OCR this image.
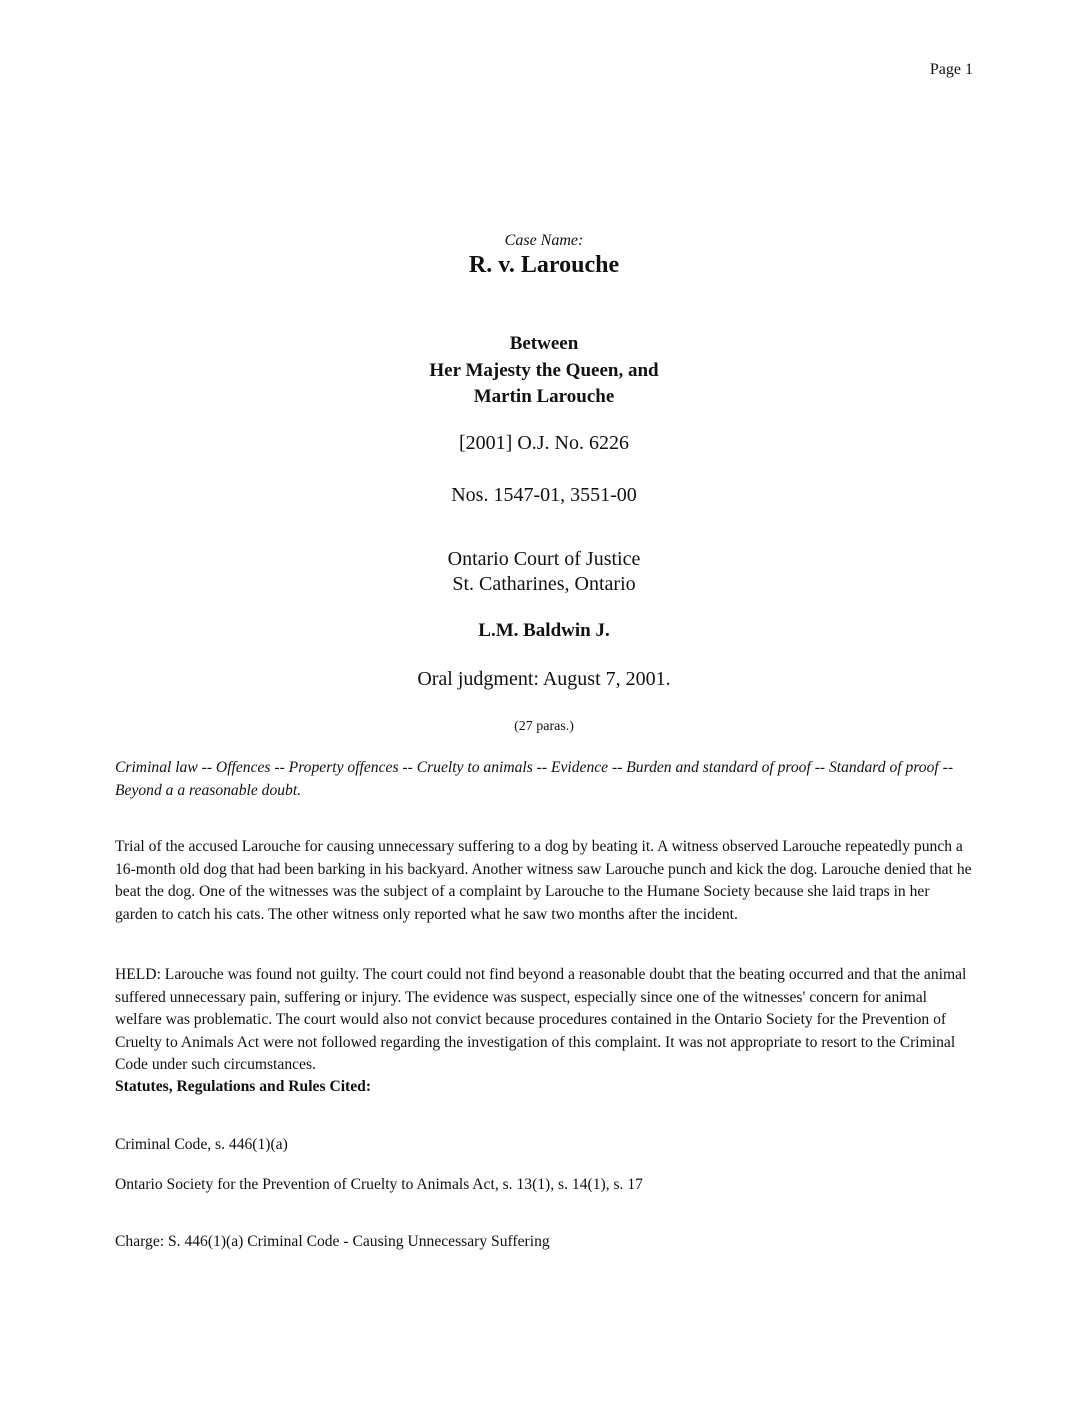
Page 1
Case Name:
R. v. Larouche
Between
Her Majesty the Queen, and
Martin Larouche
[2001] O.J. No. 6226
Nos. 1547-01, 3551-00
Ontario Court of Justice
St. Catharines, Ontario
L.M. Baldwin J.
Oral judgment: August 7, 2001.
(27 paras.)

Criminal law -- Offences -- Property offences -- Cruelty to animals -- Evidence -- Burden and standard of proof -- Standard of proof -- Beyond a a reasonable doubt.

Trial of the accused Larouche for causing unnecessary suffering to a dog by beating it. A witness observed Larouche repeatedly punch a 16-month old dog that had been barking in his backyard. Another witness saw Larouche punch and kick the dog. Larouche denied that he beat the dog. One of the witnesses was the subject of a complaint by Larouche to the Humane Society because she laid traps in her garden to catch his cats. The other witness only reported what he saw two months after the incident.

HELD: Larouche was found not guilty. The court could not find beyond a reasonable doubt that the beating occurred and that the animal suffered unnecessary pain, suffering or injury. The evidence was suspect, especially since one of the witnesses' concern for animal welfare was problematic. The court would also not convict because procedures contained in the Ontario Society for the Prevention of Cruelty to Animals Act were not followed regarding the investigation of this complaint. It was not appropriate to resort to the Criminal Code under such circumstances.

Statutes, Regulations and Rules Cited:

Criminal Code, s. 446(1)(a)

Ontario Society for the Prevention of Cruelty to Animals Act, s. 13(1), s. 14(1), s. 17

Charge: S. 446(1)(a) Criminal Code - Causing Unnecessary Suffering
